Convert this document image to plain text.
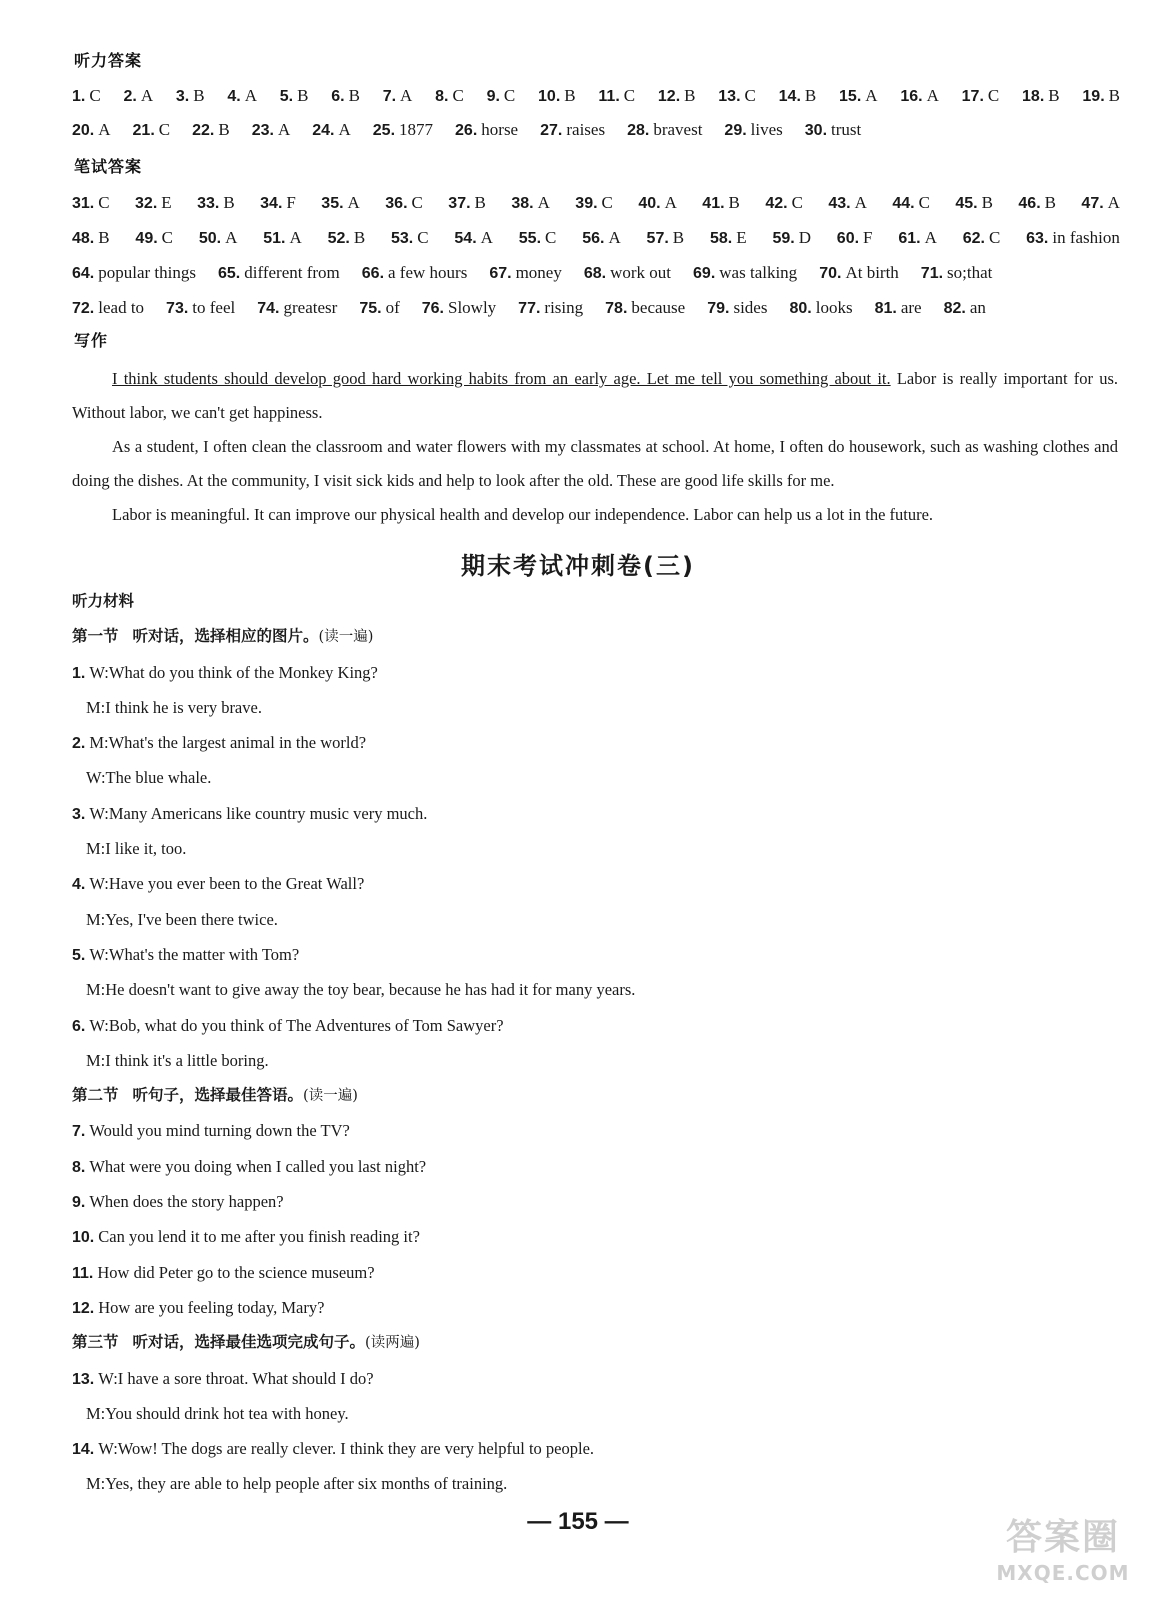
听力答案
1. C 2. A 3. B 4. A 5. B 6. B 7. A 8. C 9. C 10. B 11. C 12. B 13. C 14. B 15. A 16. A 17. C 18. B 19. B
20. A 21. C 22. B 23. A 24. A 25. 1877 26. horse 27. raises 28. bravest 29. lives 30. trust
笔试答案
31. C 32. E 33. B 34. F 35. A 36. C 37. B 38. A 39. C 40. A 41. B 42. C 43. A 44. C 45. B 46. B 47. A
48. B 49. C 50. A 51. A 52. B 53. C 54. A 55. C 56. A 57. B 58. E 59. D 60. F 61. A 62. C 63. in fashion
64. popular things 65. different from 66. a few hours 67. money 68. work out 69. was talking 70. At birth 71. so;that
72. lead to 73. to feel 74. greatesr 75. of 76. Slowly 77. rising 78. because 79. sides 80. looks 81. are 82. an
写作

I think students should develop good hard working habits from an early age. Let me tell you something about it. Labor is really important for us. Without labor, we can't get happiness.

As a student, I often clean the classroom and water flowers with my classmates at school. At home, I often do housework, such as washing clothes and doing the dishes. At the community, I visit sick kids and help to look after the old. These are good life skills for me.

Labor is meaningful. It can improve our physical health and develop our independence. Labor can help us a lot in the future.

期末考试冲刺卷(三)
听力材料
第一节 听对话，选择相应的图片。(读一遍)
1. W:What do you think of the Monkey King?
M:I think he is very brave.
2. M:What's the largest animal in the world?
W:The blue whale.
3. W:Many Americans like country music very much.
M:I like it, too.
4. W:Have you ever been to the Great Wall?
M:Yes, I've been there twice.
5. W:What's the matter with Tom?
M:He doesn't want to give away the toy bear, because he has had it for many years.
6. W:Bob, what do you think of The Adventures of Tom Sawyer?
M:I think it's a little boring.
第二节 听句子，选择最佳答语。(读一遍)
7. Would you mind turning down the TV?
8. What were you doing when I called you last night?
9. When does the story happen?
10. Can you lend it to me after you finish reading it?
11. How did Peter go to the science museum?
12. How are you feeling today, Mary?
第三节 听对话，选择最佳选项完成句子。(读两遍)
13. W:I have a sore throat. What should I do?
M:You should drink hot tea with honey.
14. W:Wow! The dogs are really clever. I think they are very helpful to people.
M:Yes, they are able to help people after six months of training.
— 155 —	答案圈
MXQE.COM
